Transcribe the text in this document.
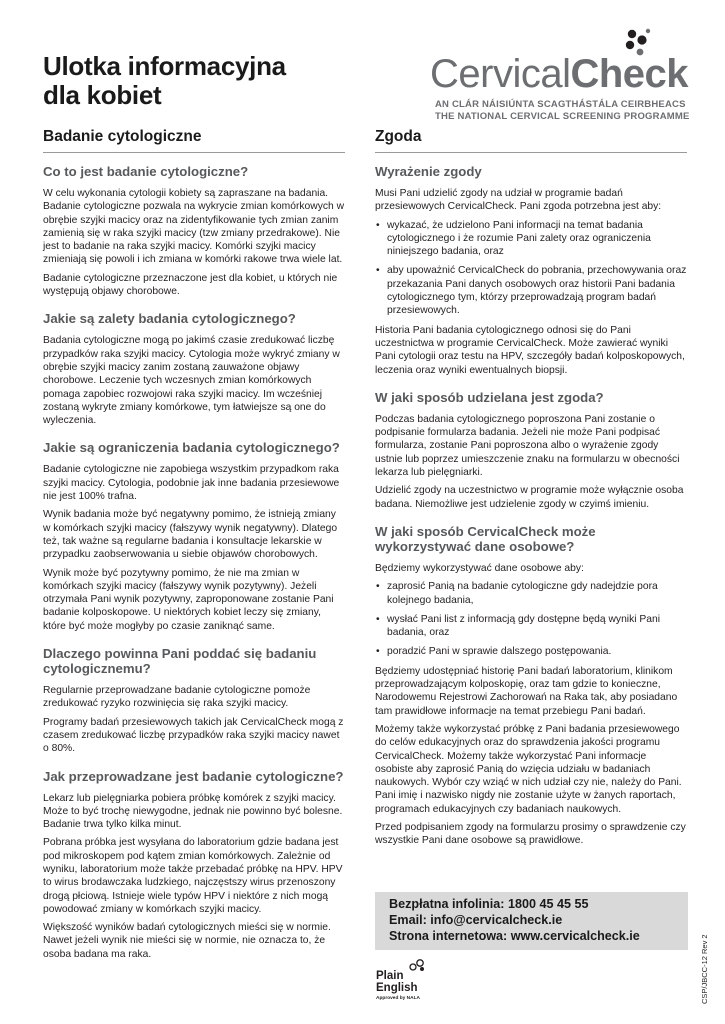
Ulotka informacyjna
dla kobiet	CervicalCheck
AN CLÁR NÁISIÚNTA SCAGTHÁSTÁLA CEIRBHEACS
THE NATIONAL CERVICAL SCREENING PROGRAMME
Badanie cytologiczne
Co to jest badanie cytologiczne?

W celu wykonania cytologii kobiety są zapraszane na badania. Badanie cytologiczne pozwala na wykrycie zmian komórkowych w obrębie szyjki macicy oraz na zidentyfikowanie tych zmian zanim zamienią się w raka szyjki macicy (tzw zmiany przedrakowe). Nie jest to badanie na raka szyjki macicy. Komórki szyjki macicy zmieniają się powoli i ich zmiana w komórki rakowe trwa wiele lat.

Badanie cytologiczne przeznaczone jest dla kobiet, u których nie występują objawy chorobowe.

Jakie są zalety badania cytologicznego?

Badania cytologiczne mogą po jakimś czasie zredukować liczbę przypadków raka szyjki macicy. Cytologia może wykryć zmiany w obrębie szyjki macicy zanim zostaną zauważone objawy chorobowe. Leczenie tych wczesnych zmian komórkowych pomaga zapobiec rozwojowi raka szyjki macicy. Im wcześniej zostaną wykryte zmiany komórkowe, tym łatwiejsze są one do wyleczenia.

Jakie są ograniczenia badania cytologicznego?

Badanie cytologiczne nie zapobiega wszystkim przypadkom raka szyjki macicy. Cytologia, podobnie jak inne badania przesiewowe nie jest 100% trafna.

Wynik badania może być negatywny pomimo, że istnieją zmiany w komórkach szyjki macicy (fałszywy wynik negatywny). Dlatego też, tak ważne są regularne badania i konsultacje lekarskie w przypadku zaobserwowania u siebie objawów chorobowych.

Wynik może być pozytywny pomimo, że nie ma zmian w komórkach szyjki macicy (fałszywy wynik pozytywny). Jeżeli otrzymała Pani wynik pozytywny, zaproponowane zostanie Pani badanie kolposkopowe. U niektórych kobiet leczy się zmiany, które być może mogłyby po czasie zaniknąć same.

Dlaczego powinna Pani poddać się badaniu cytologicznemu?

Regularnie przeprowadzane badanie cytologiczne pomoże zredukować ryzyko rozwinięcia się raka szyjki macicy.

Programy badań przesiewowych takich jak CervicalCheck mogą z czasem zredukować liczbę przypadków raka szyjki macicy nawet o 80%.

Jak przeprowadzane jest badanie cytologiczne?

Lekarz lub pielęgniarka pobiera próbkę komórek z szyjki macicy. Może to być trochę niewygodne, jednak nie powinno być bolesne. Badanie trwa tylko kilka minut.

Pobrana próbka jest wysyłana do laboratorium gdzie badana jest pod mikroskopem pod kątem zmian komórkowych. Zależnie od wyniku, laboratorium może także przebadać próbkę na HPV. HPV to wirus brodawczaka ludzkiego, najczęstszy wirus przenoszony drogą płciową. Istnieje wiele typów HPV i niektóre z nich mogą powodować zmiany w komórkach szyjki macicy.

Większość wyników badań cytologicznych mieści się w normie. Nawet jeżeli wynik nie mieści się w normie, nie oznacza to, że osoba badana ma raka.

Zgoda
Wyrażenie zgody

Musi Pani udzielić zgody na udział w programie badań przesiewowych CervicalCheck. Pani zgoda potrzebna jest aby:

• wykazać, że udzielono Pani informacji na temat badania cytologicznego i że rozumie Pani zalety oraz ograniczenia niniejszego badania, oraz
• aby upoważnić CervicalCheck do pobrania, przechowywania oraz przekazania Pani danych osobowych oraz historii Pani badania cytologicznego tym, którzy przeprowadzają program badań przesiewowych.

Historia Pani badania cytologicznego odnosi się do Pani uczestnictwa w programie CervicalCheck. Może zawierać wyniki Pani cytologii oraz testu na HPV, szczegóły badań kolposkopowych, leczenia oraz wyniki ewentualnych biopsji.

W jaki sposób udzielana jest zgoda?

Podczas badania cytologicznego poproszona Pani zostanie o podpisanie formularza badania. Jeżeli nie może Pani podpisać formularza, zostanie Pani poproszona albo o wyrażenie zgody ustnie lub poprzez umieszczenie znaku na formularzu w obecności lekarza lub pielęgniarki.

Udzielić zgody na uczestnictwo w programie może wyłącznie osoba badana. Niemożliwe jest udzielenie zgody w czyimś imieniu.

W jaki sposób CervicalCheck może wykorzystywać dane osobowe?

Będziemy wykorzystywać dane osobowe aby:

• zaprosić Panią na badanie cytologiczne gdy nadejdzie pora kolejnego badania,
• wysłać Pani list z informacją gdy dostępne będą wyniki Pani badania, oraz
• poradzić Pani w sprawie dalszego postępowania.

Będziemy udostępniać historię Pani badań laboratorium, klinikom przeprowadzającym kolposkopię, oraz tam gdzie to konieczne, Narodowemu Rejestrowi Zachorowań na Raka tak, aby posiadano tam prawidłowe informacje na temat przebiegu Pani badań.

Możemy także wykorzystać próbkę z Pani badania przesiewowego do celów edukacyjnych oraz do sprawdzenia jakości programu CervicalCheck. Możemy także wykorzystać Pani informacje osobiste aby zaprosić Panią do wzięcia udziału w badaniach naukowych. Wybór czy wziąć w nich udział czy nie, należy do Pani. Pani imię i nazwisko nigdy nie zostanie użyte w żanych raportach, programach edukacyjnych czy badaniach naukowych.

Przed podpisaniem zgody na formularzu prosimy o sprawdzenie czy wszystkie Pani dane osobowe są prawidłowe.

Bezpłatna infolinia: 1800 45 45 55
Email: info@cervicalcheck.ie
Strona internetowa: www.cervicalcheck.ie
Plain
English
Approved by NALA	CSP/JBCC-12 Rev 2
